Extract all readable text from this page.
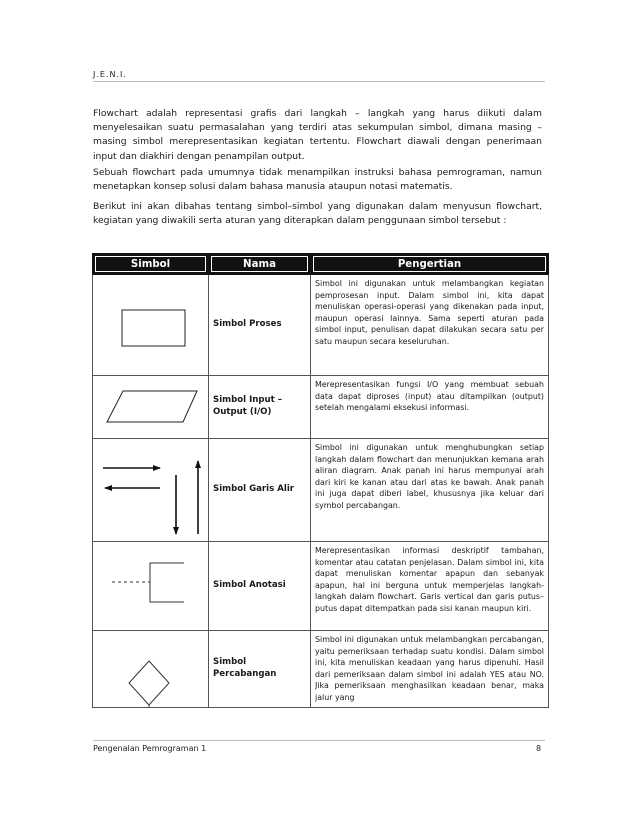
J.E.N.I.

Flowchart adalah representasi grafis dari langkah – langkah yang harus diikuti dalam menyelesaikan suatu permasalahan yang terdiri atas sekumpulan simbol, dimana masing – masing simbol merepresentasikan kegiatan tertentu. Flowchart diawali dengan penerimaan input dan diakhiri dengan penampilan output.

Sebuah flowchart pada umumnya tidak menampilkan instruksi bahasa pemrograman, namun menetapkan konsep solusi dalam bahasa manusia ataupun notasi matematis.

Berikut ini akan dibahas tentang simbol–simbol yang digunakan dalam menyusun flowchart, kegiatan yang diwakili serta aturan yang diterapkan dalam penggunaan simbol tersebut :

Simbol	Nama	Pengertian

	Simbol Proses	Simbol ini digunakan untuk melambangkan kegiatan pemprosesan input. Dalam simbol ini, kita dapat menuliskan operasi-operasi yang dikenakan pada input, maupun operasi lainnya. Sama seperti aturan pada simbol input, penulisan dapat dilakukan secara satu per satu maupun secara keseluruhan.

	Simbol Input – Output (I/O)	Merepresentasikan fungsi I/O yang membuat sebuah data dapat diproses (input) atau ditampilkan (output) setelah mengalami eksekusi informasi.

	Simbol Garis Alir	Simbol ini digunakan untuk menghubungkan setiap langkah dalam flowchart dan menunjukkan kemana arah aliran diagram. Anak panah ini harus mempunyai arah dari kiri ke kanan atau dari atas ke bawah. Anak panah ini juga dapat diberi label, khususnya jika keluar dari symbol percabangan.

	Simbol Anotasi	Merepresentasikan informasi deskriptif tambahan, komentar atau catatan penjelasan. Dalam simbol ini, kita dapat menuliskan komentar apapun dan sebanyak apapun, hal ini berguna untuk memperjelas langkah-langkah dalam flowchart. Garis vertical dan garis putus–putus dapat ditempatkan pada sisi kanan maupun kiri.

	Simbol Percabangan	Simbol ini digunakan untuk melambangkan percabangan, yaitu pemeriksaan terhadap suatu kondisi. Dalam simbol ini, kita menuliskan keadaan yang harus dipenuhi. Hasil dari pemeriksaan dalam simbol ini adalah YES atau NO. Jika pemeriksaan menghasilkan keadaan benar, maka jalur yang
Pengenalan Pemrograman 1	8
